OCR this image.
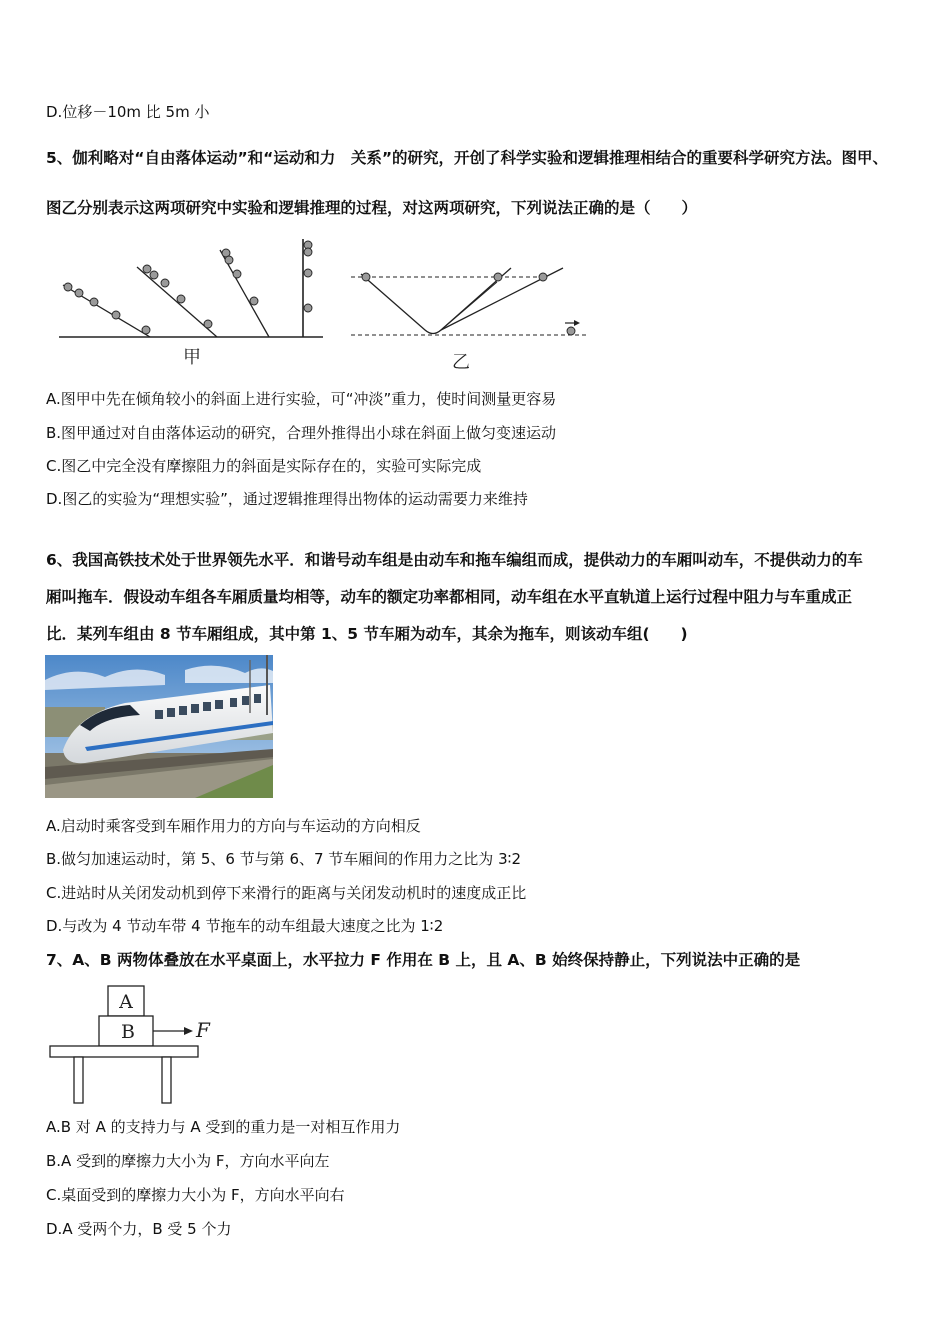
D.位移－10m 比 5m 小
5、伽利略对“自由落体运动”和“运动和力　关系”的研究，开创了科学实验和逻辑推理相结合的重要科学研究方法。图甲、
图乙分别表示这两项研究中实验和逻辑推理的过程，对这两项研究，下列说法正确的是（　　）
甲	乙
A.图甲中先在倾角较小的斜面上进行实验，可“冲淡”重力，使时间测量更容易
B.图甲通过对自由落体运动的研究，合理外推得出小球在斜面上做匀变速运动
C.图乙中完全没有摩擦阻力的斜面是实际存在的，实验可实际完成
D.图乙的实验为“理想实验”，通过逻辑推理得出物体的运动需要力来维持
6、我国高铁技术处于世界领先水平．和谐号动车组是由动车和拖车编组而成，提供动力的车厢叫动车，不提供动力的车
厢叫拖车．假设动车组各车厢质量均相等，动车的额定功率都相同，动车组在水平直轨道上运行过程中阻力与车重成正
比．某列车组由 8 节车厢组成，其中第 1、5 节车厢为动车，其余为拖车，则该动车组(　　)
A.启动时乘客受到车厢作用力的方向与车运动的方向相反
B.做匀加速运动时，第 5、6 节与第 6、7 节车厢间的作用力之比为 3∶2
C.进站时从关闭发动机到停下来滑行的距离与关闭发动机时的速度成正比
D.与改为 4 节动车带 4 节拖车的动车组最大速度之比为 1∶2
7、A、B 两物体叠放在水平桌面上，水平拉力 F 作用在 B 上，且 A、B 始终保持静止，下列说法中正确的是
A
B	F
A.B 对 A 的支持力与 A 受到的重力是一对相互作用力
B.A 受到的摩擦力大小为 F，方向水平向左
C.桌面受到的摩擦力大小为 F，方向水平向右
D.A 受两个力，B 受 5 个力
